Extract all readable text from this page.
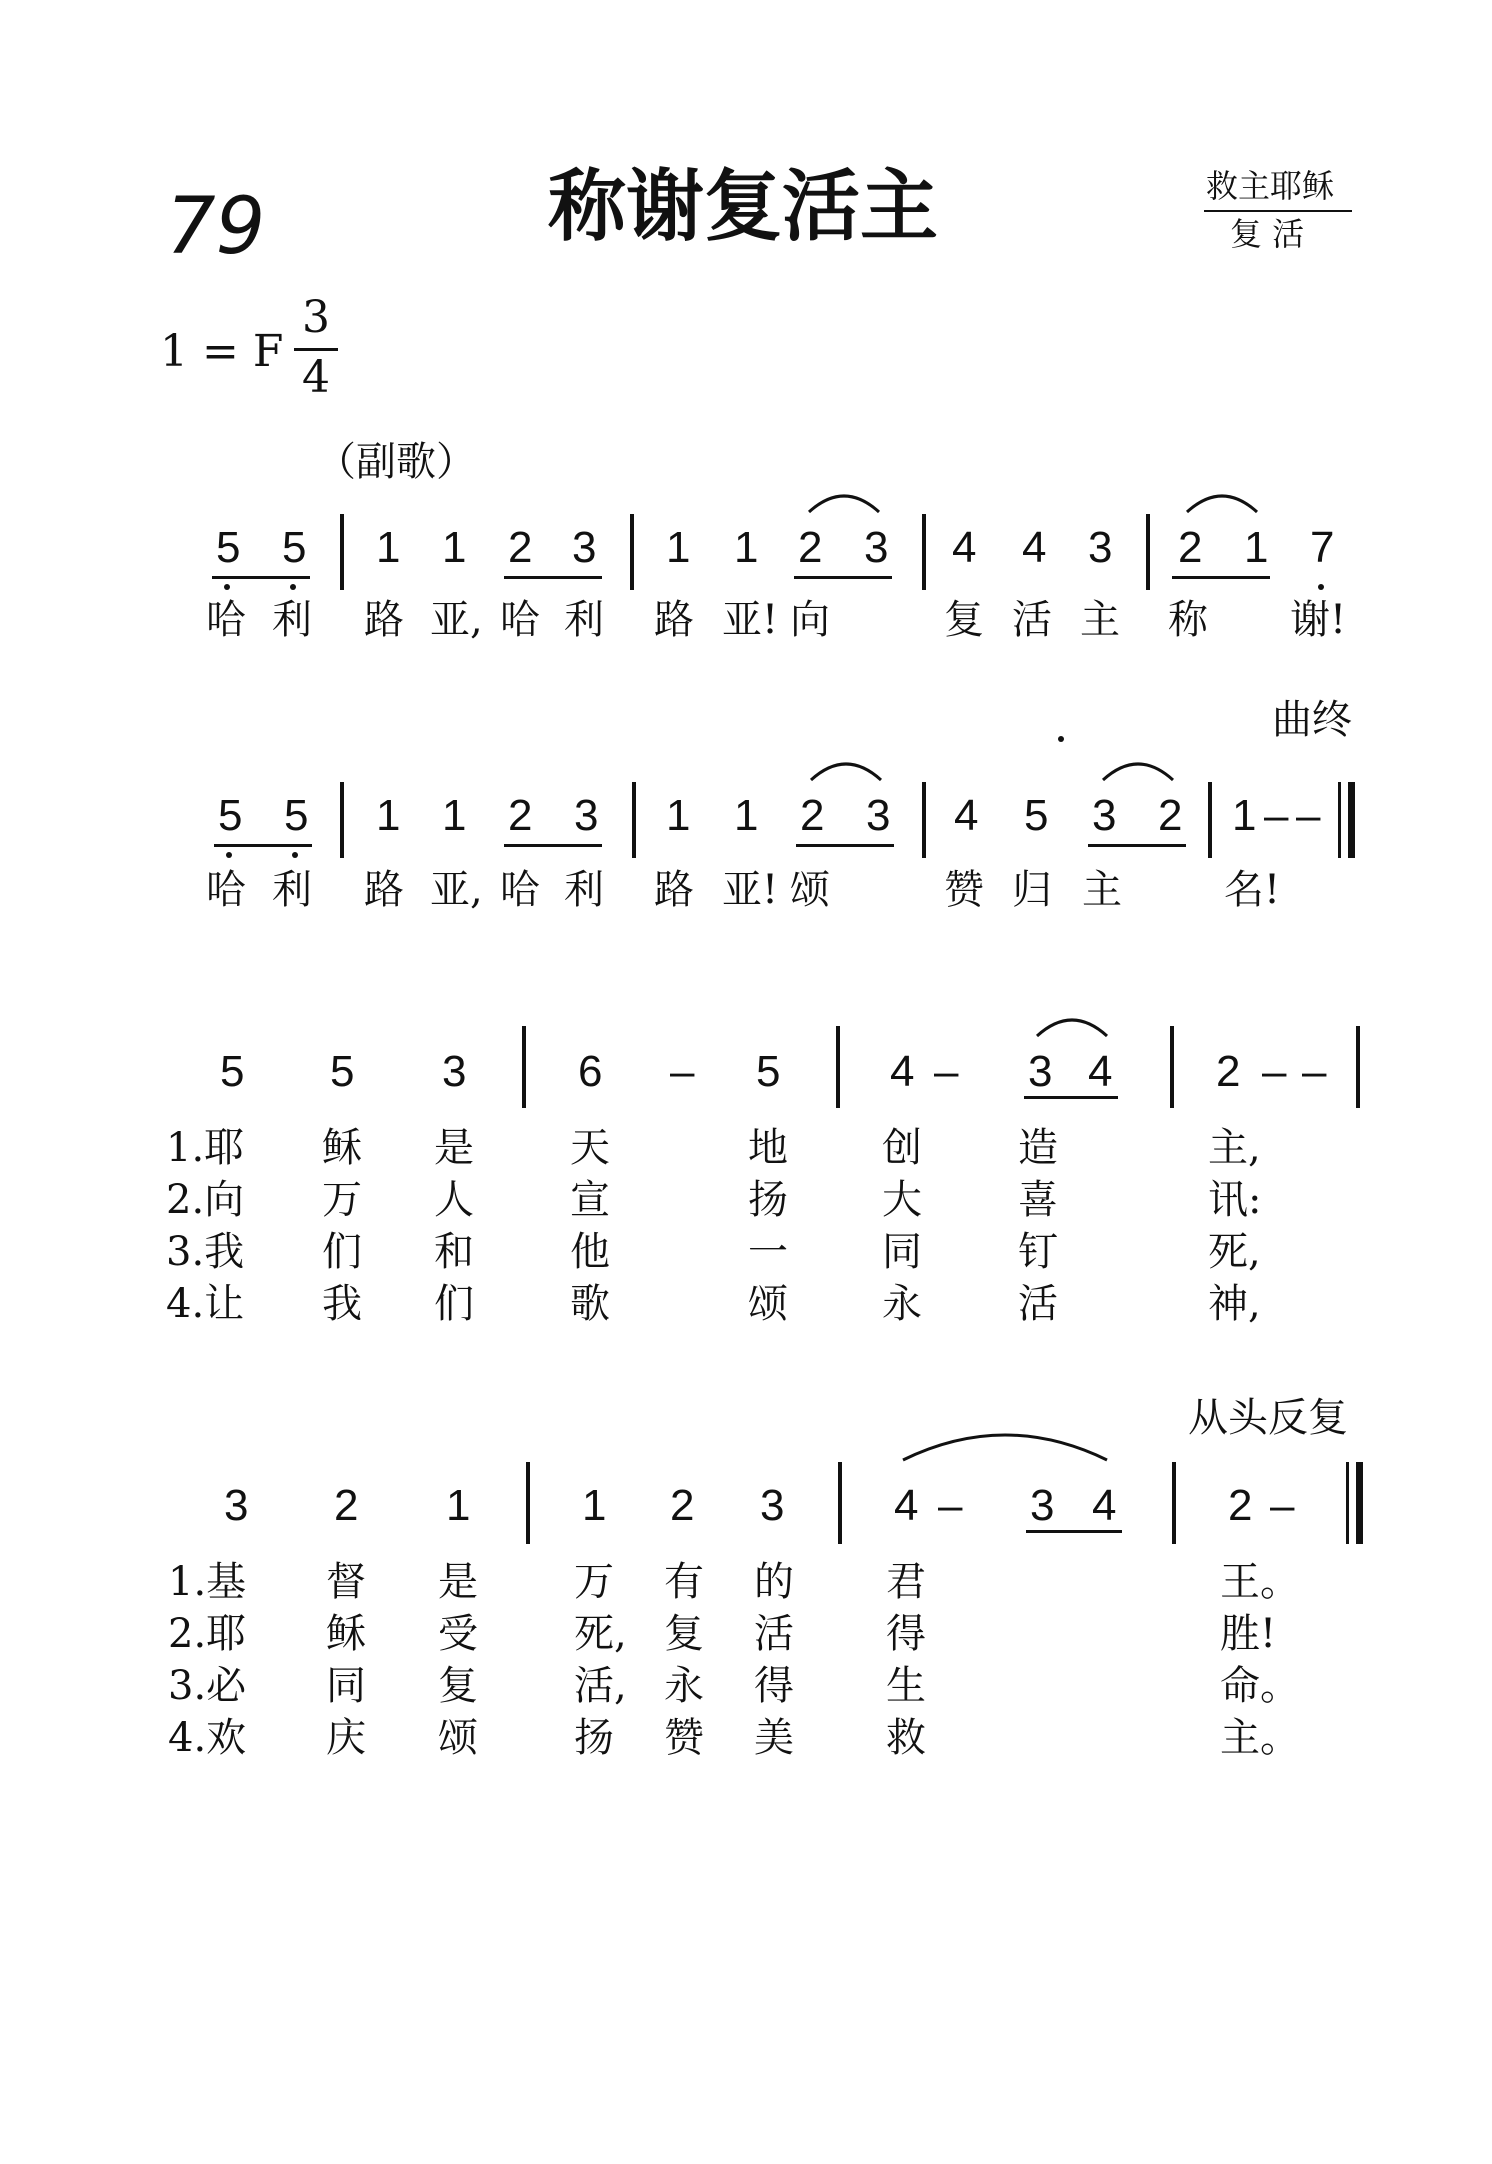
79	称谢复活主	救主耶稣
复 活
1 = F
3
4
（副歌）
5 5 1 1 2 3 1 1 2 3 4 4 3 2 1 7
哈 利 路 亚, 哈 利 路 亚! 向	复 活 主 称 谢!
曲终
5 5 1 1 2 3 1 1 2 3 4 5 3 2 1 – –
哈 利 路 亚, 哈 利 路 亚! 颂	赞 归 主	名!
5 5 3	6 – 5 4 – 3 4 2 – –
1.耶 稣 是 天	地 创 造	主,
2.向 万 人 宣	扬 大 喜	讯:
3.我 们 和 他	一 同 钉	死,
4.让 我 们 歌	颂 永 活	神,
从头反复
3 2 1	1 2 3 4 – 3 4	2 –
1.基 督 是 万 有 的 君	王。
2.耶 稣 受 死, 复 活 得	胜!
3.必 同 复 活, 永 得 生	命。
4.欢 庆 颂 扬 赞 美 救	主。
